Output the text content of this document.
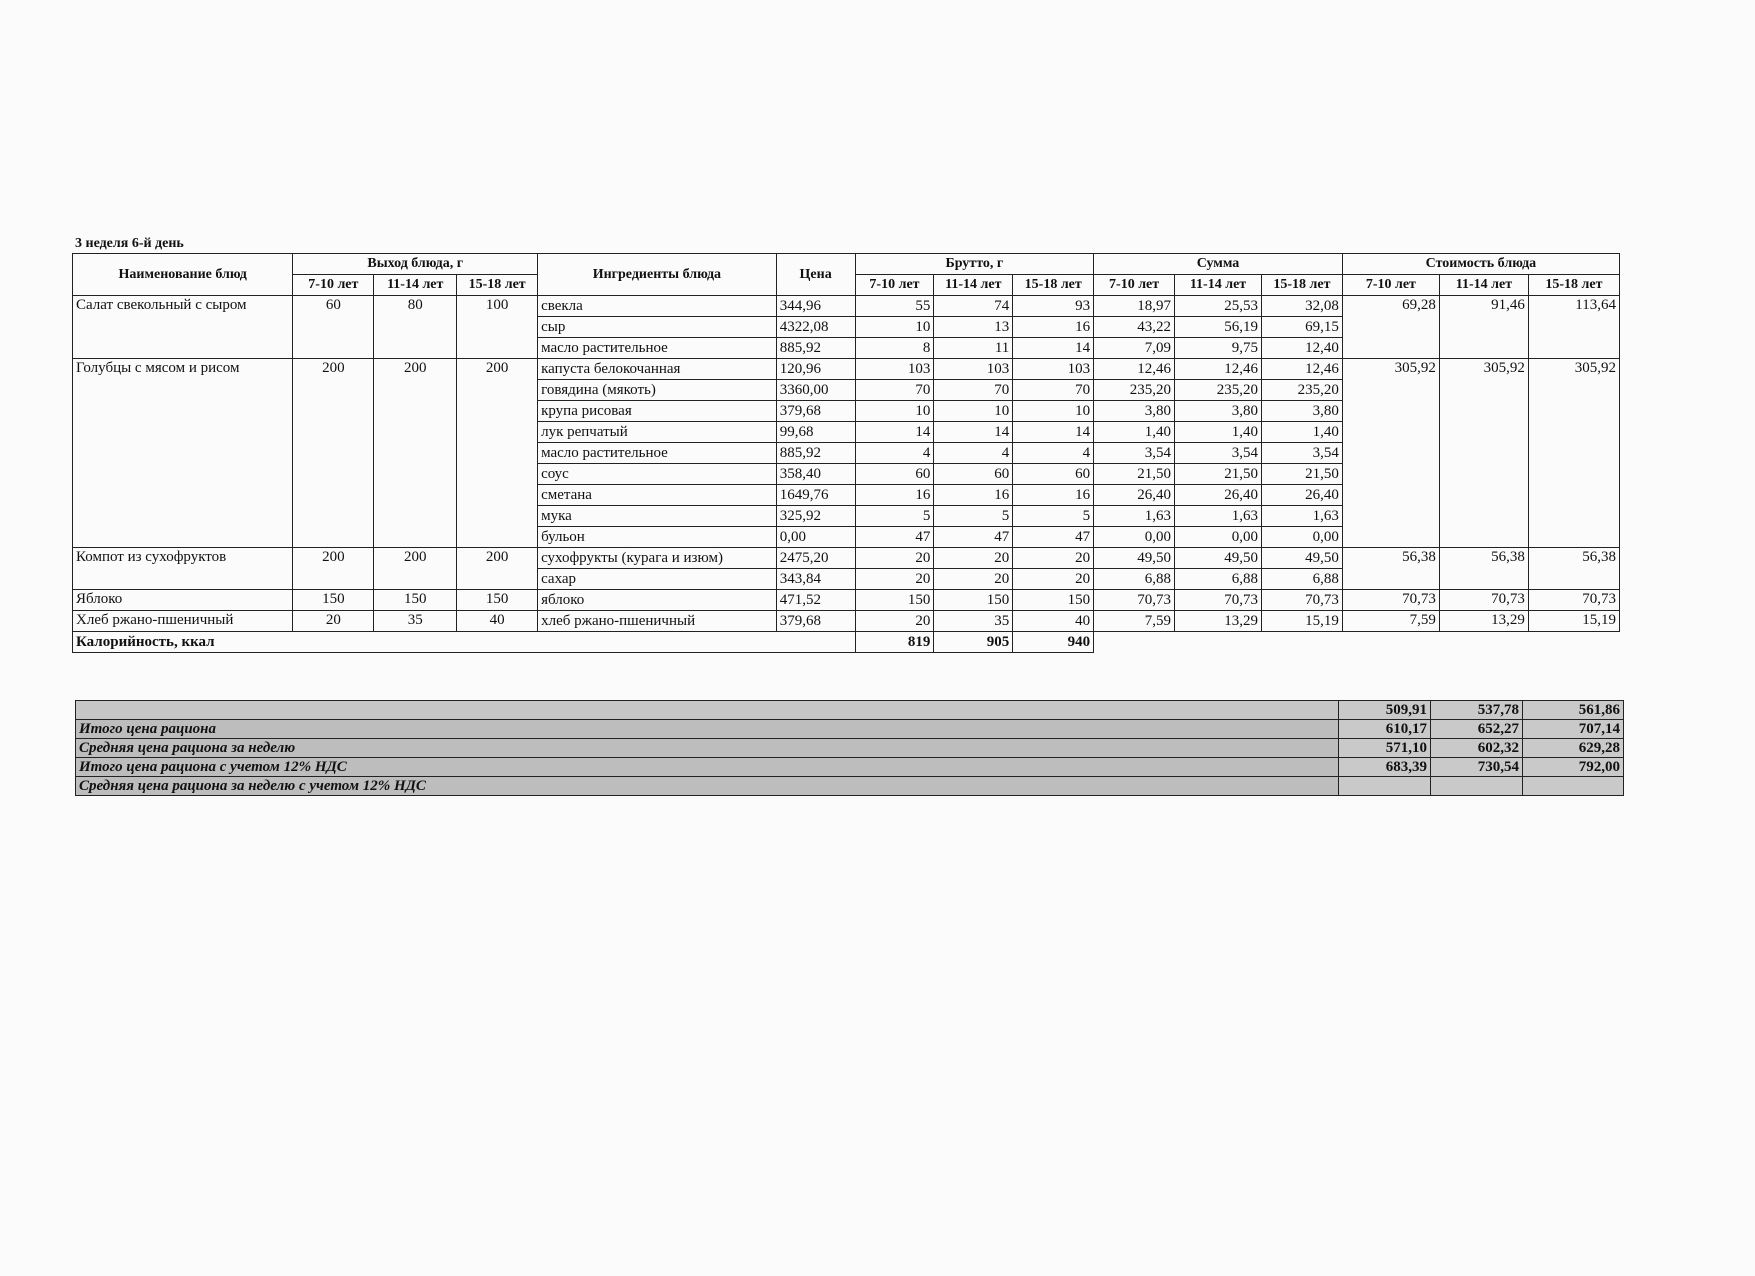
3 неделя 6-й день
Наименование блюд	Выход блюда, г			Ингредиенты блюда	Цена	Брутто, г			Сумма			Стоимость блюда		
	7-10 лет	11-14 лет	15-18 лет			7-10 лет	11-14 лет	15-18 лет	7-10 лет	11-14 лет	15-18 лет	7-10 лет	11-14 лет	15-18 лет
Салат свекольный с сыром	60	80	100	свекла	344,96	55	74	93	18,97	25,53	32,08	69,28	91,46	113,64
				сыр	4322,08	10	13	16	43,22	56,19	69,15			
				масло растительное	885,92	8	11	14	7,09	9,75	12,40			
Голубцы с мясом и рисом	200	200	200	капуста белокочанная	120,96	103	103	103	12,46	12,46	12,46	305,92	305,92	305,92
				говядина (мякоть)	3360,00	70	70	70	235,20	235,20	235,20			
				крупа рисовая	379,68	10	10	10	3,80	3,80	3,80			
				лук репчатый	99,68	14	14	14	1,40	1,40	1,40			
				масло растительное	885,92	4	4	4	3,54	3,54	3,54			
				соус	358,40	60	60	60	21,50	21,50	21,50			
				сметана	1649,76	16	16	16	26,40	26,40	26,40			
				мука	325,92	5	5	5	1,63	1,63	1,63			
				бульон	0,00	47	47	47	0,00	0,00	0,00			
Компот из сухофруктов	200	200	200	сухофрукты (курага и изюм)	2475,20	20	20	20	49,50	49,50	49,50	56,38	56,38	56,38
				сахар	343,84	20	20	20	6,88	6,88	6,88			
Яблоко	150	150	150	яблоко	471,52	150	150	150	70,73	70,73	70,73	70,73	70,73	70,73
Хлеб ржано-пшеничный	20	35	40	хлеб ржано-пшеничный	379,68	20	35	40	7,59	13,29	15,19	7,59	13,29	15,19
Калорийность, ккал						819	905	940						
	509,91	537,78	561,86
Итого цена рациона	610,17	652,27	707,14
Средняя цена рациона за неделю	571,10	602,32	629,28
Итого цена рациона с учетом 12% НДС	683,39	730,54	792,00
Средняя цена рациона за неделю с учетом 12% НДС			
